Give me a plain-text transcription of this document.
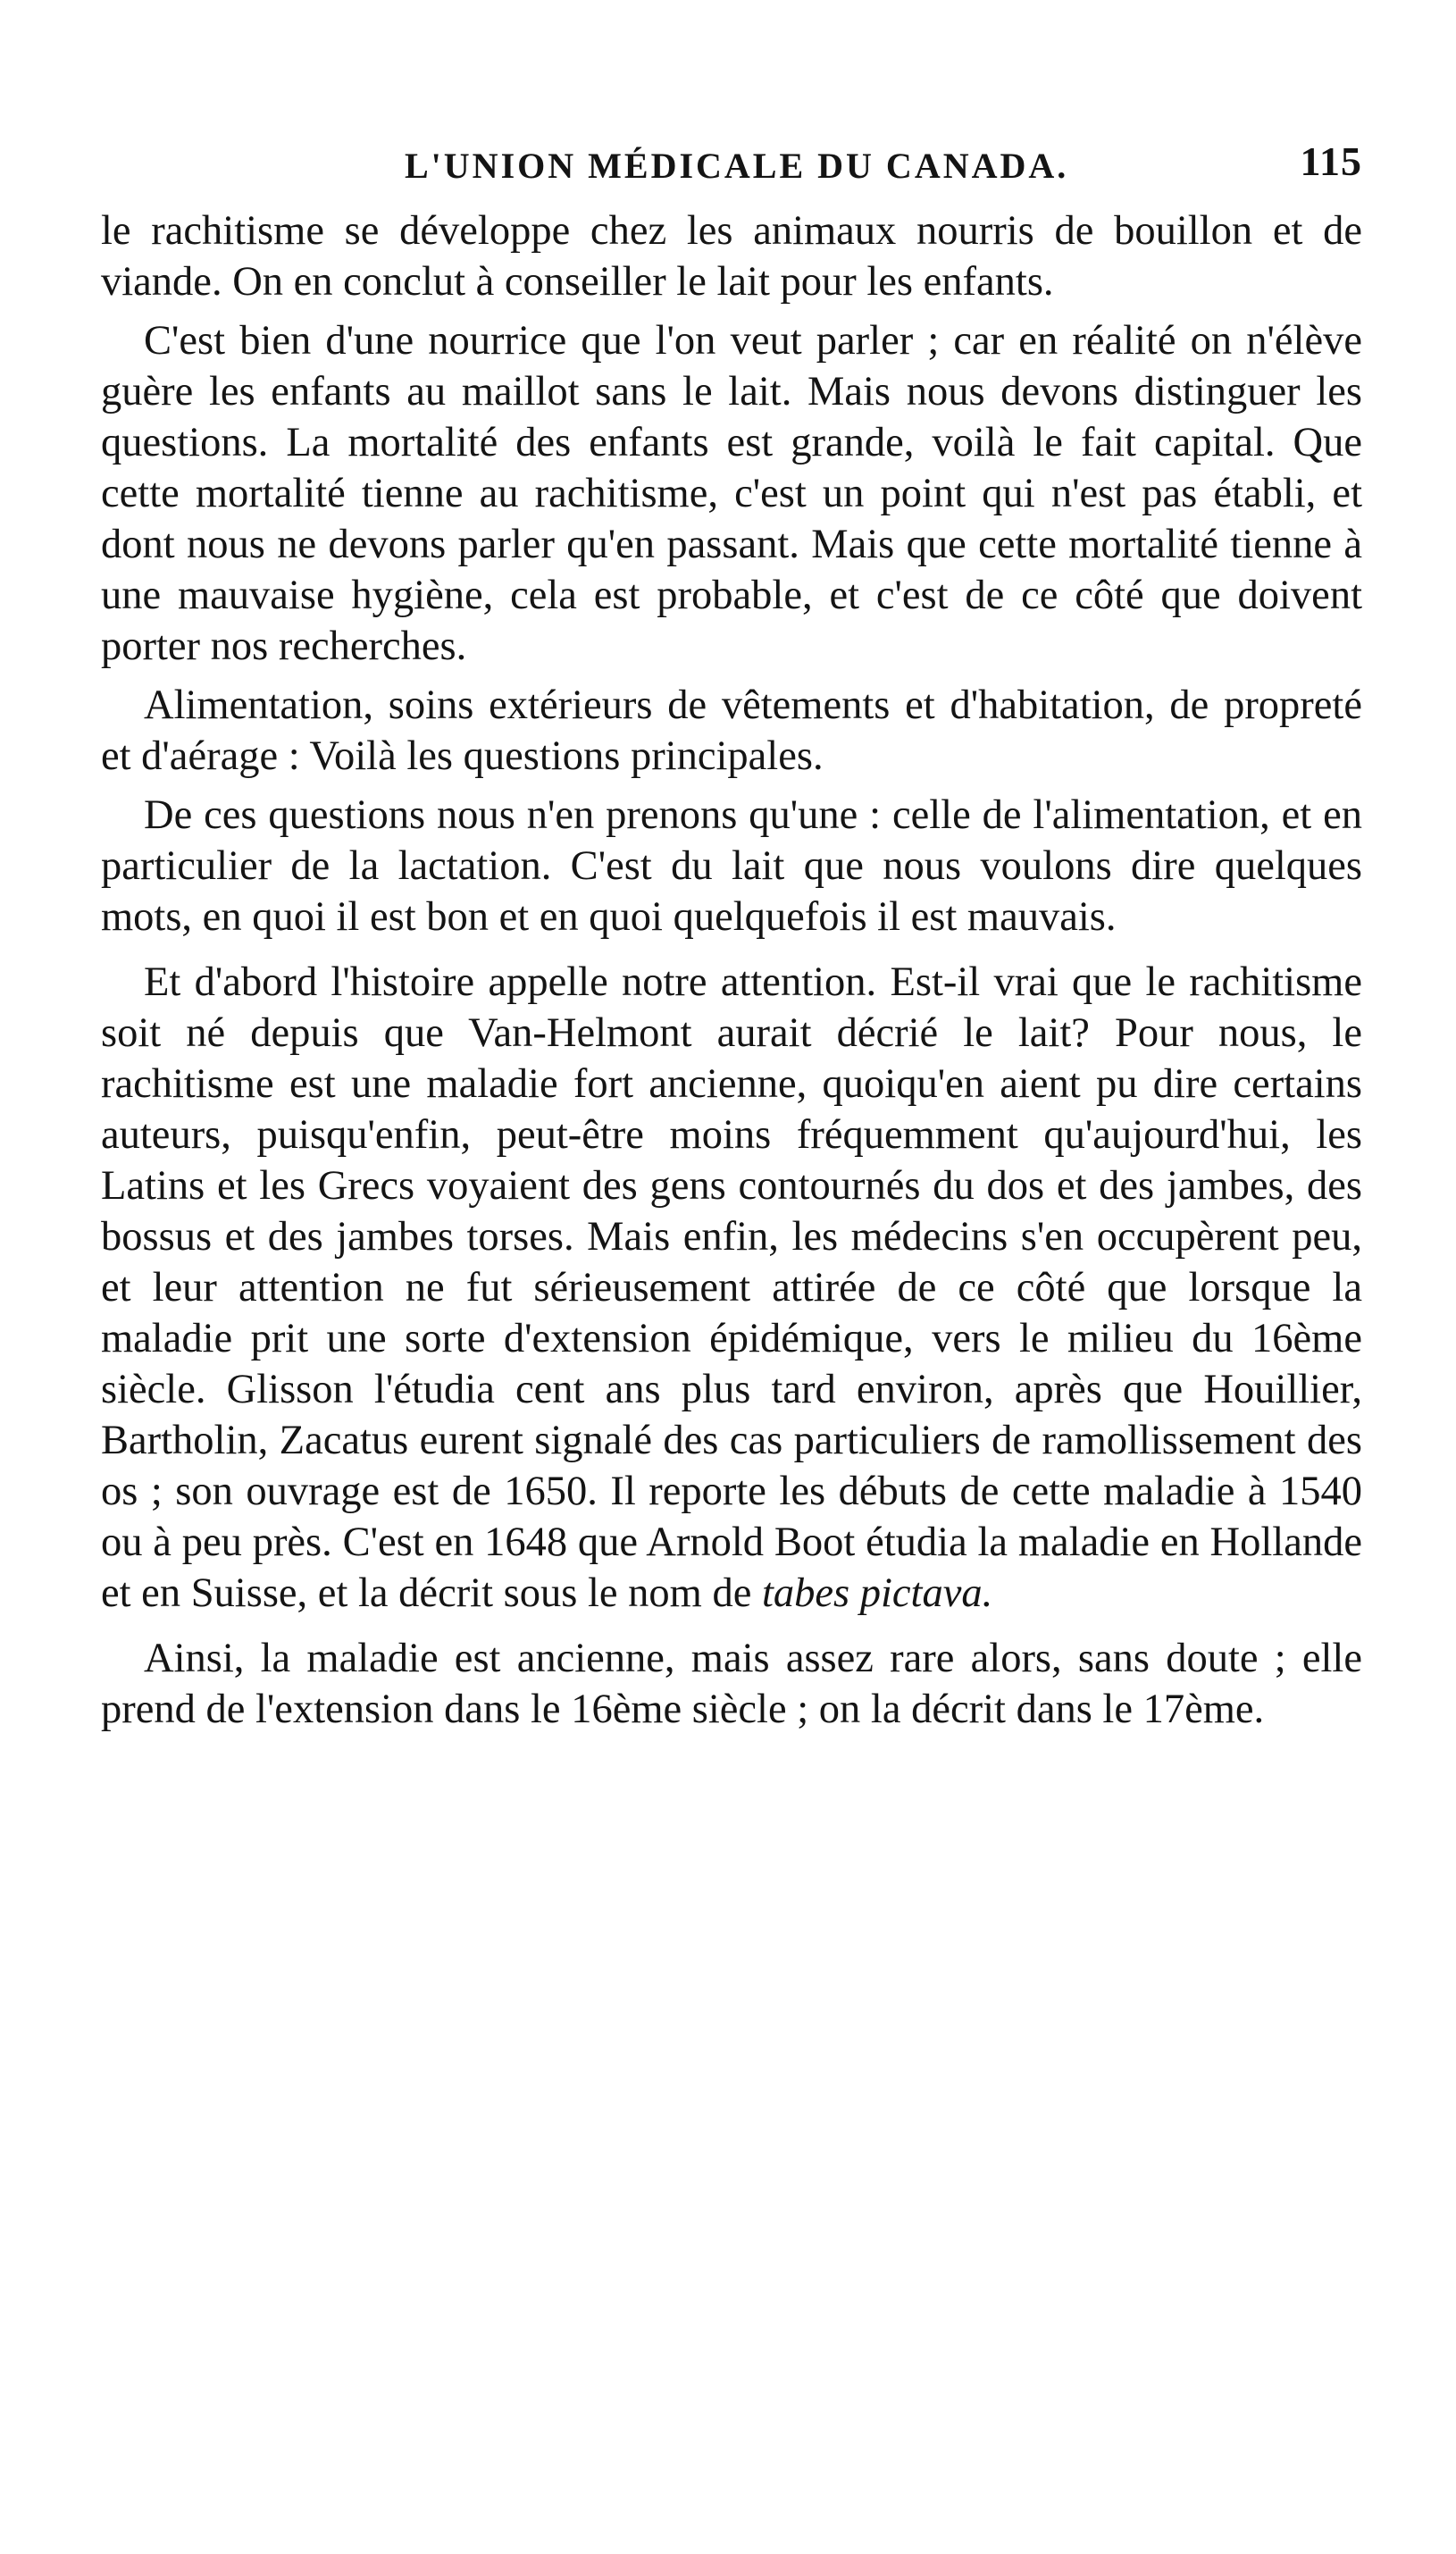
L'UNION MÉDICALE DU CANADA.	115

le rachitisme se développe chez les animaux nourris de bouillon et de viande. On en conclut à conseiller le lait pour les enfants.

C'est bien d'une nourrice que l'on veut parler ; car en réalité on n'élève guère les enfants au maillot sans le lait. Mais nous devons distinguer les questions. La mortalité des enfants est grande, voilà le fait capital. Que cette mortalité tienne au rachitisme, c'est un point qui n'est pas établi, et dont nous ne devons parler qu'en passant. Mais que cette mortalité tienne à une mauvaise hygiène, cela est probable, et c'est de ce côté que doivent porter nos recherches.

Alimentation, soins extérieurs de vêtements et d'habitation, de propreté et d'aérage : Voilà les questions principales.

De ces questions nous n'en prenons qu'une : celle de l'alimentation, et en particulier de la lactation. C'est du lait que nous voulons dire quelques mots, en quoi il est bon et en quoi quelquefois il est mauvais.

Et d'abord l'histoire appelle notre attention. Est-il vrai que le rachitisme soit né depuis que Van-Helmont aurait décrié le lait? Pour nous, le rachitisme est une maladie fort ancienne, quoiqu'en aient pu dire certains auteurs, puisqu'enfin, peut-être moins fréquemment qu'aujourd'hui, les Latins et les Grecs voyaient des gens contournés du dos et des jambes, des bossus et des jambes torses. Mais enfin, les médecins s'en occupèrent peu, et leur attention ne fut sérieusement attirée de ce côté que lorsque la maladie prit une sorte d'extension épidémique, vers le milieu du 16ème siècle. Glisson l'étudia cent ans plus tard environ, après que Houillier, Bartholin, Zacatus eurent signalé des cas particuliers de ramollissement des os ; son ouvrage est de 1650. Il reporte les débuts de cette maladie à 1540 ou à peu près. C'est en 1648 que Arnold Boot étudia la maladie en Hollande et en Suisse, et la décrit sous le nom de tabes pictava.

Ainsi, la maladie est ancienne, mais assez rare alors, sans doute ; elle prend de l'extension dans le 16ème siècle ; on la décrit dans le 17ème.
